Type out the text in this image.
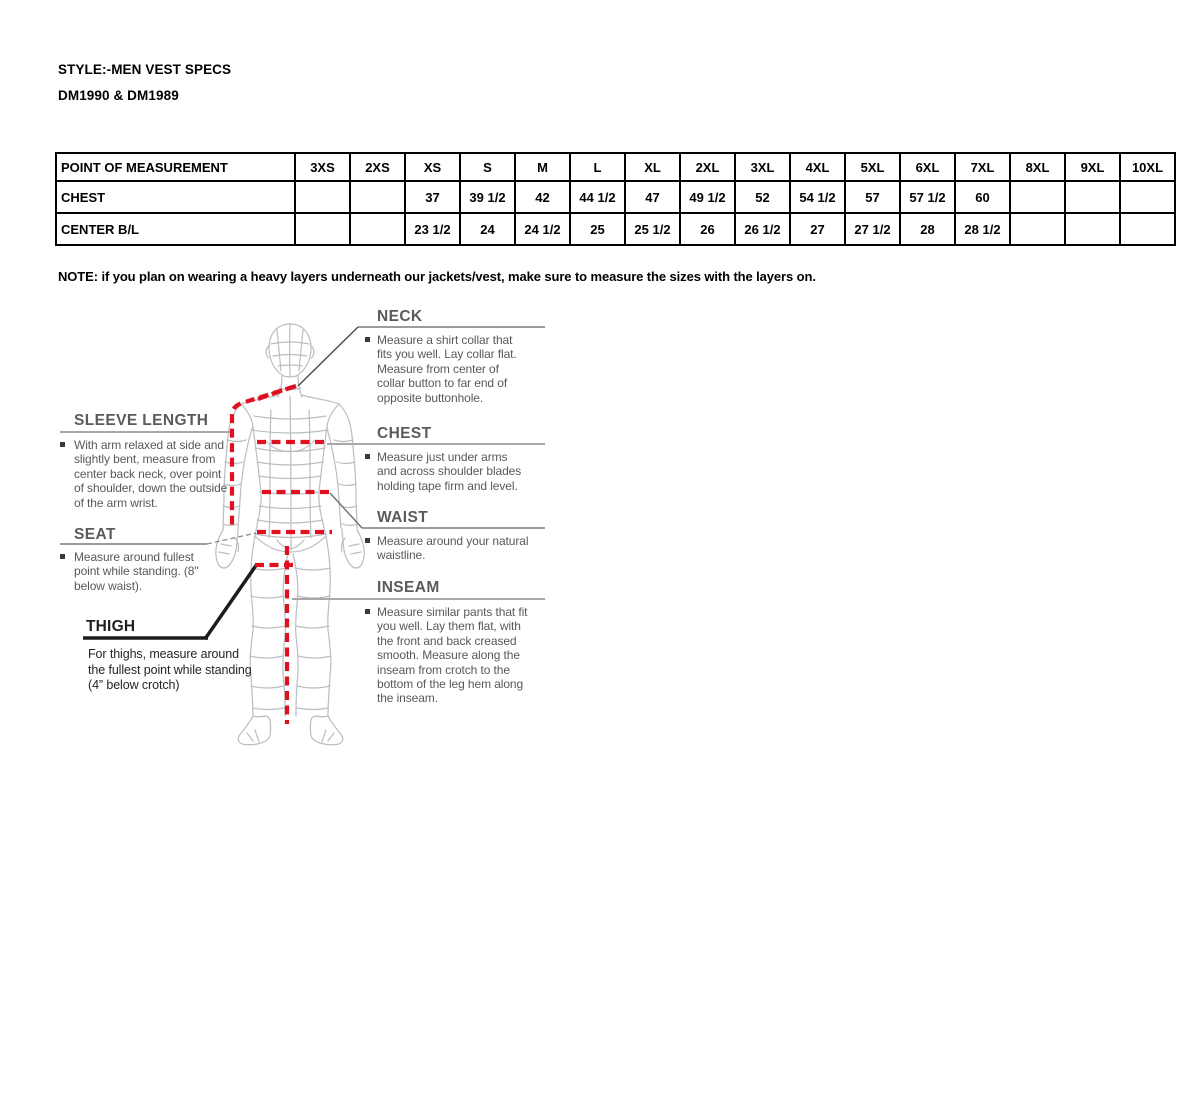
STYLE:-MEN VEST SPECS
DM1990 & DM1989
POINT OF MEASUREMENT	3XS	2XS	XS	S	M	L	XL	2XL	3XL	4XL	5XL	6XL	7XL	8XL	9XL	10XL
CHEST			37	39 1/2	42	44 1/2	47	49 1/2	52	54 1/2	57	57 1/2	60			
CENTER B/L			23 1/2	24	24 1/2	25	25 1/2	26	26 1/2	27	27 1/2	28	28 1/2			
NOTE: if you plan on wearing a heavy layers underneath our jackets/vest, make sure to measure the sizes with the layers on.
NECK
Measure a shirt collar that fits you well. Lay collar flat. Measure from center of collar button to far end of opposite buttonhole.
CHEST
Measure just under arms and across shoulder blades holding tape firm and level.
WAIST
Measure around your natural waistline.
INSEAM
Measure similar pants that fit you well. Lay them flat, with the front and back creased smooth. Measure along the inseam from crotch to the bottom of the leg hem along the inseam.
SLEEVE LENGTH
With arm relaxed at side and slightly bent, measure from center back neck, over point of shoulder, down the outside of the arm wrist.
SEAT
Measure around fullest point while standing. (8" below waist).
THIGH
For thighs, measure around the fullest point while standing (4” below crotch)
